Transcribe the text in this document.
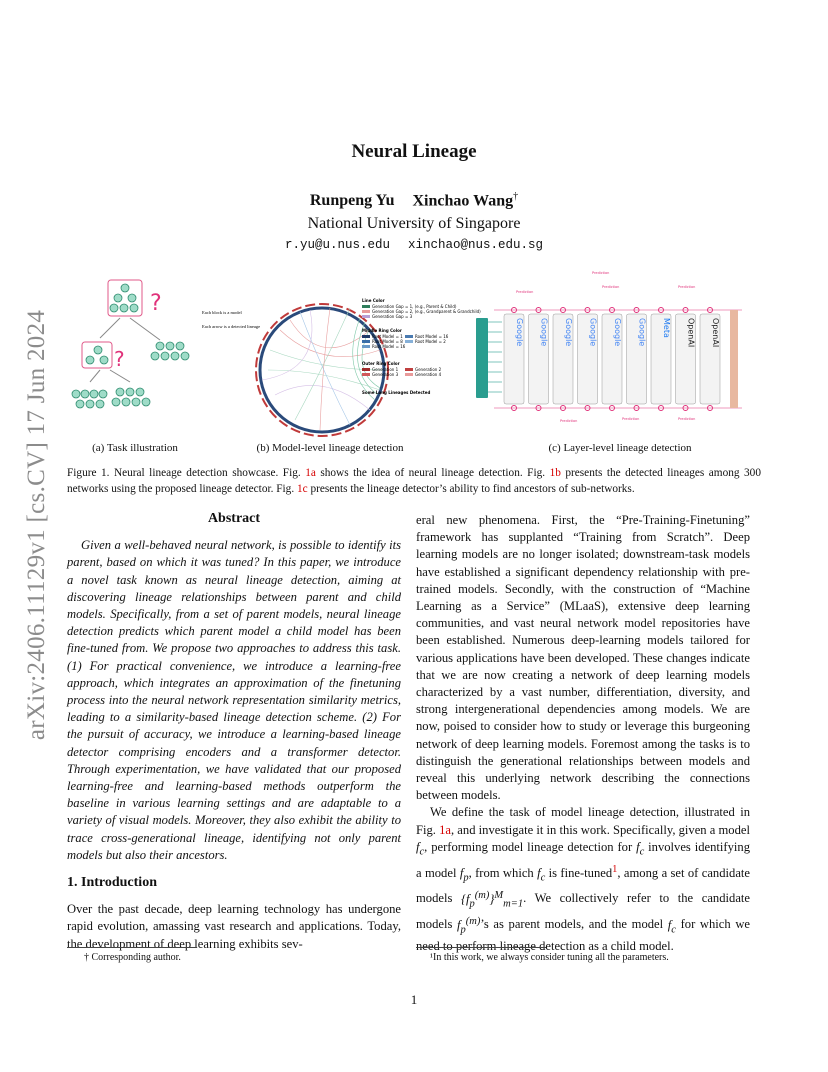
arXiv:2406.11129v1 [cs.CV] 17 Jun 2024
Neural Lineage
Runpeng Yu Xinchao Wang†
National University of Singapore
r.yu@u.nus.edu xinchao@nus.edu.sg
?
?
(a) Task illustration
Each block is a model
Each arrow is a detected lineage
Line Color
Generation Gap = 1, (e.g., Parent & Child)
Generation Gap = 2, (e.g., Grandparent & Grandchild)
Generation Gap = 3
Middle Ring Color
Root Model = 1
Root Model = 8
Root Model = 16
Root Model = 16
Root Model = 2
Outer Ring Color
Generation 1
Generation 3
Generation 2
Generation 4
Some Long Lineages Detected
(b) Model-level lineage detection
Google Google Google Google Google Google Meta OpenAI OpenAI
Prediction
Prediction
Prediction	Prediction
Prediction	Prediction	Prediction
(c) Layer-level lineage detection
Figure 1. Neural lineage detection showcase. Fig. 1a shows the idea of neural lineage detection. Fig. 1b presents the detected lineages among 300 networks using the proposed lineage detector. Fig. 1c presents the lineage detector’s ability to find ancestors of sub-networks.
Abstract

Given a well-behaved neural network, is possible to identify its parent, based on which it was tuned? In this paper, we introduce a novel task known as neural lineage detection, aiming at discovering lineage relationships between parent and child models. Specifically, from a set of parent models, neural lineage detection predicts which parent model a child model has been fine-tuned from. We propose two approaches to address this task. (1) For practical convenience, we introduce a learning-free approach, which integrates an approximation of the finetuning process into the neural network representation similarity metrics, leading to a similarity-based lineage detection scheme. (2) For the pursuit of accuracy, we introduce a learning-based lineage detector comprising encoders and a transformer detector. Through experimentation, we have validated that our proposed learning-free and learning-based methods outperform the baseline in various learning settings and are adaptable to a variety of visual models. Moreover, they also exhibit the ability to trace cross-generational lineage, identifying not only parent models but also their ancestors.

1. Introduction

Over the past decade, deep learning technology has undergone rapid evolution, amassing vast research and applications. Today, the development of deep learning exhibits sev-

eral new phenomena. First, the “Pre-Training-Finetuning” framework has supplanted “Training from Scratch”. Deep learning models are no longer isolated; downstream-task models have established a significant dependency relationship with pre-trained models. Secondly, with the construction of “Machine Learning as a Service” (MLaaS), extensive deep learning communities, and vast neural network model repositories have been established. Numerous deep-learning models tailored for various applications have been developed. These changes indicate that we are now creating a network of deep learning models characterized by a vast number, differentiation, diversity, and strong intergenerational dependencies among models. We are now, poised to consider how to study or leverage this burgeoning network of deep learning models. Foremost among the tasks is to distinguish the generational relationships between models and reveal this underlying network describing the connections between models.

We define the task of model lineage detection, illustrated in Fig. 1a, and investigate it in this work. Specifically, given a model $f_c$, performing model lineage detection for $f_c$ involves identifying a model $f_p$, from which $f_c$ is fine-tuned$^1$, among a set of candidate models $\{f_p^{(m)}\}^M_{m=1}$. We collectively refer to the candidate models $f_p^{(m)}’s$ as parent models, and the model $f_c$ for which we need to perform lineage detection as a child model.

† Corresponding author.	¹In this work, we always consider tuning all the parameters.
1
